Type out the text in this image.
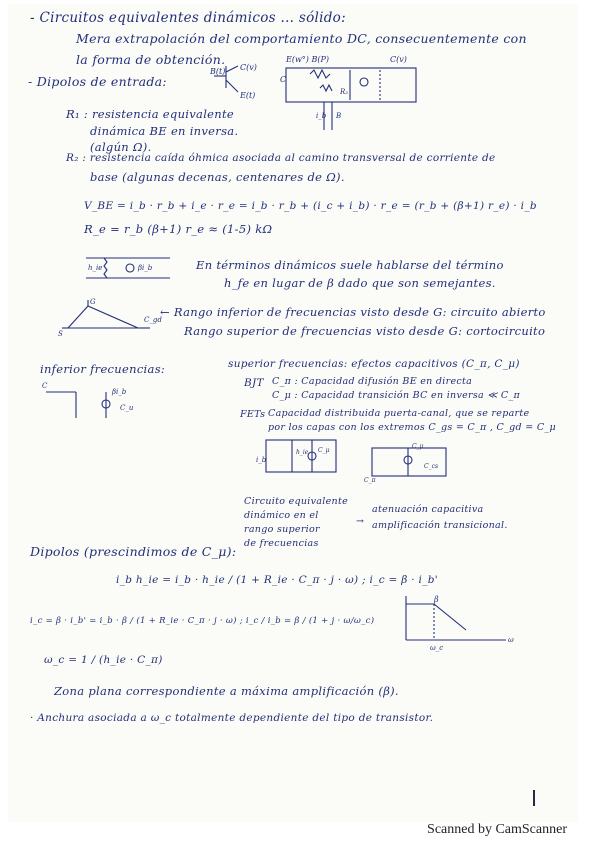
- Circuitos equivalentes dinámicos ... sólido:
Mera extrapolación del comportamiento DC, consecuentemente con
la forma de obtención.
- Dipolos de entrada:
B(t) C(v)
E(t)
E(w°) B(P)	C(v)
C
i_b B
R₂
R₁ : resistencia equivalente
dinámica BE en inversa.
(algún Ω).
R₂ : resistencia caída óhmica asociada al camino transversal de corriente de
base (algunas decenas, centenares de Ω).
V_BE = i_b · r_b + i_e · r_e = i_b · r_b + (i_c + i_b) · r_e = (r_b + (β+1) r_e) · i_b
R_e = r_b (β+1) r_e ≈ (1-5) kΩ
h_ie	βi_b	En términos dinámicos suele hablarse del término
h_fe en lugar de β dado que son semejantes.
G
S
C_gd
← Rango inferior de frecuencias visto desde G: circuito abierto
Rango superior de frecuencias visto desde G: cortocircuito
inferior frecuencias:	superior frecuencias: efectos capacitivos (C_π, C_μ)
C
βi_b
C_u
BJT C_π : Capacidad difusión BE en directa
C_μ : Capacidad transición BC en inversa ≪ C_π
FETs Capacidad distribuida puerta-canal, que se reparte
por los capas con los extremos C_gs = C_π , C_gd = C_μ
i_b
h_ie C_μ
C_μ
C_π
C_cs
Circuito equivalente
dinámico en el
rango superior
de frecuencias
→
atenuación capacitiva
amplificación transicional.
Dipolos (prescindimos de C_μ):
i_b h_ie = i_b · h_ie / (1 + R_ie · C_π · j · ω) ; i_c = β · i_b'
i_c = β · i_b' = i_b · β / (1 + R_ie · C_π · j · ω) ; i_c / i_b = β / (1 + j · ω/ω_c)
ω_c = 1 / (h_ie · C_π)
β
ω_c
ω
Zona plana correspondiente a máxima amplificación (β).
· Anchura asociada a ω_c totalmente dependiente del tipo de transistor.
Scanned by CamScanner
